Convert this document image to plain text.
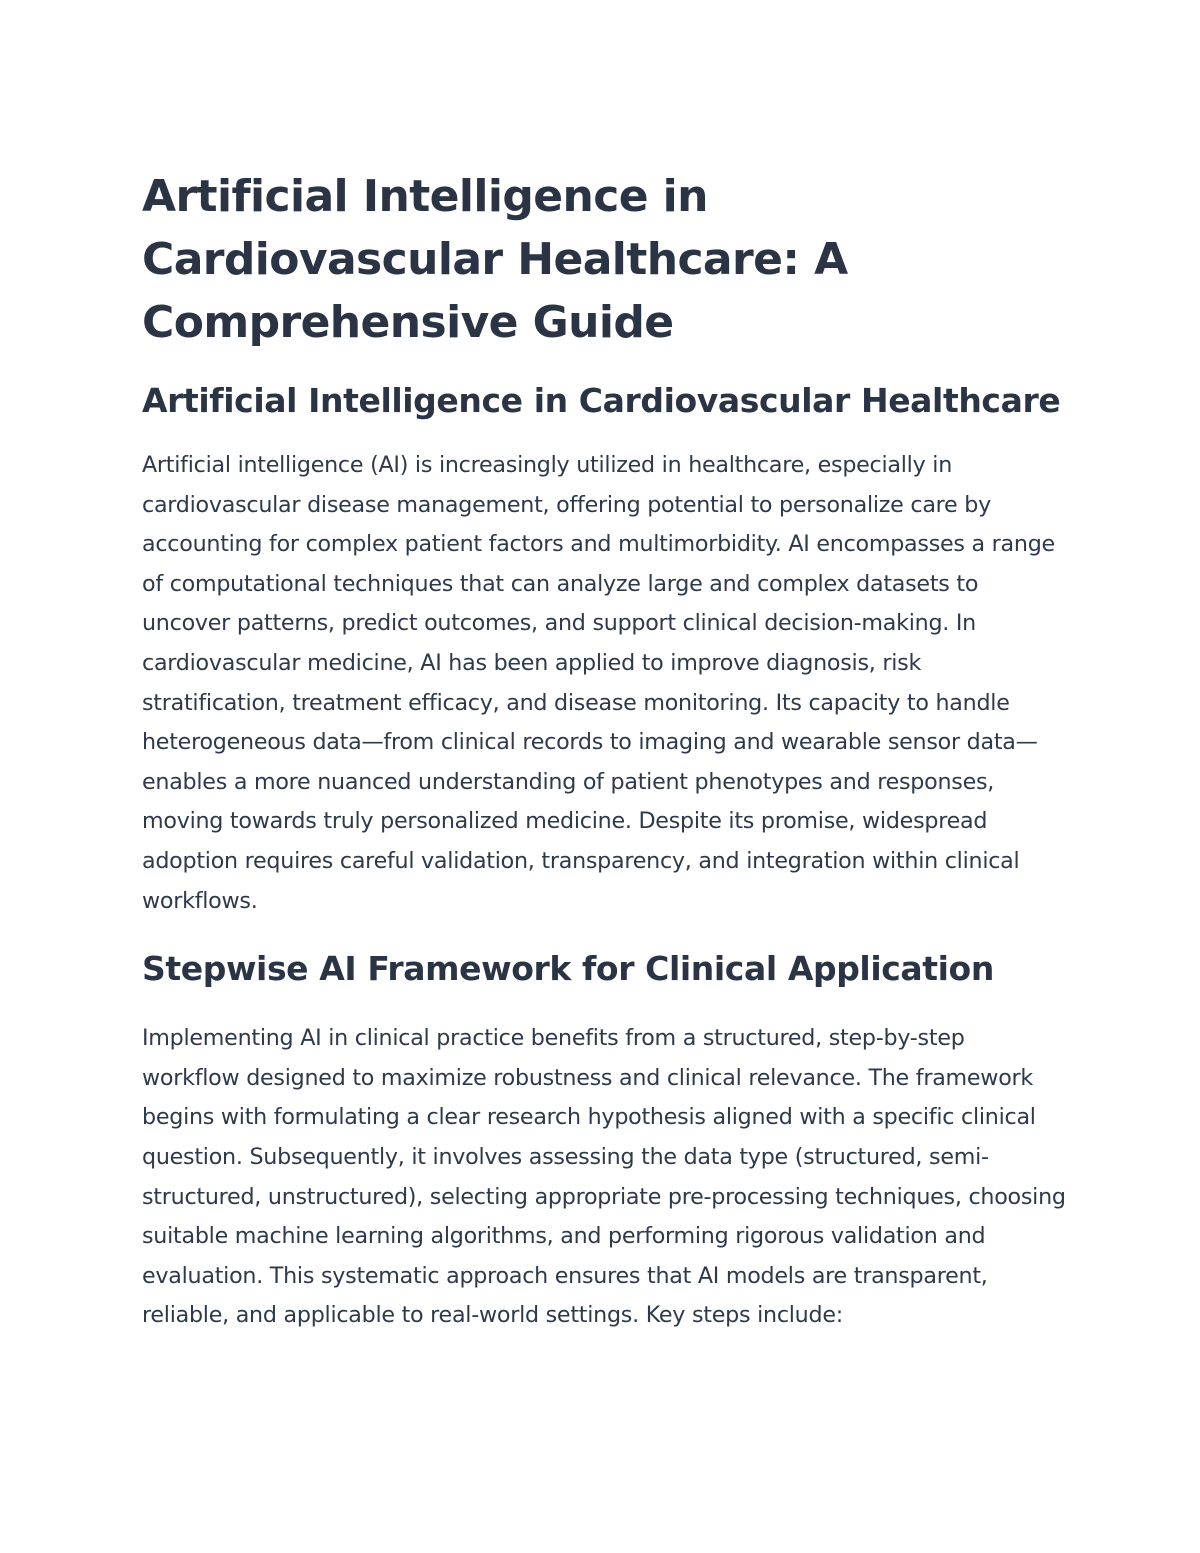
Artificial Intelligence in Cardiovascular Healthcare: A Comprehensive Guide
Artificial Intelligence in Cardiovascular Healthcare

Artificial intelligence (AI) is increasingly utilized in healthcare, especially in cardiovascular disease management, offering potential to personalize care by accounting for complex patient factors and multimorbidity. AI encompasses a range of computational techniques that can analyze large and complex datasets to uncover patterns, predict outcomes, and support clinical decision-making. In cardiovascular medicine, AI has been applied to improve diagnosis, risk stratification, treatment efficacy, and disease monitoring. Its capacity to handle heterogeneous data—from clinical records to imaging and wearable sensor data—enables a more nuanced understanding of patient phenotypes and responses, moving towards truly personalized medicine. Despite its promise, widespread adoption requires careful validation, transparency, and integration within clinical workflows.

Stepwise AI Framework for Clinical Application

Implementing AI in clinical practice benefits from a structured, step-by-step workflow designed to maximize robustness and clinical relevance. The framework begins with formulating a clear research hypothesis aligned with a specific clinical question. Subsequently, it involves assessing the data type (structured, semi-structured, unstructured), selecting appropriate pre-processing techniques, choosing suitable machine learning algorithms, and performing rigorous validation and evaluation. This systematic approach ensures that AI models are transparent, reliable, and applicable to real-world settings. Key steps include:
